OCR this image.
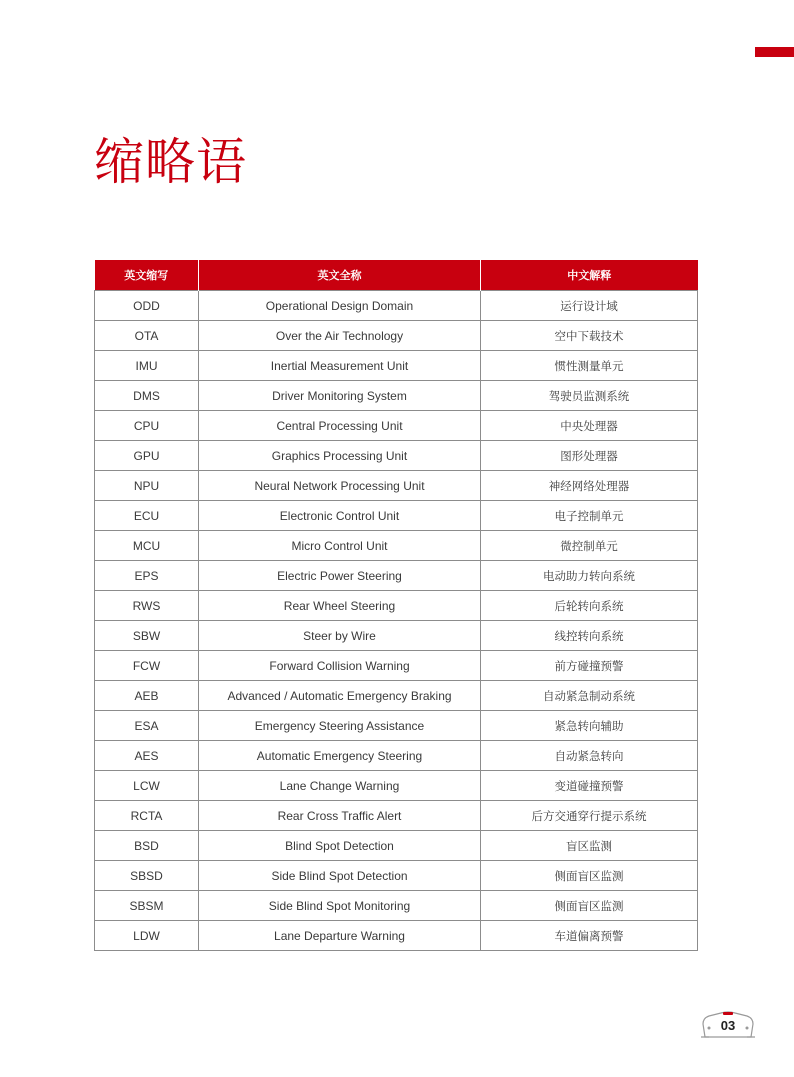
缩略语
英文缩写	英文全称	中文解释
ODD	Operational Design Domain	运行设计域
OTA	Over the Air Technology	空中下载技术
IMU	Inertial Measurement Unit	惯性测量单元
DMS	Driver Monitoring System	驾驶员监测系统
CPU	Central Processing Unit	中央处理器
GPU	Graphics Processing Unit	图形处理器
NPU	Neural Network Processing Unit	神经网络处理器
ECU	Electronic Control Unit	电子控制单元
MCU	Micro Control Unit	微控制单元
EPS	Electric Power Steering	电动助力转向系统
RWS	Rear Wheel Steering	后轮转向系统
SBW	Steer by Wire	线控转向系统
FCW	Forward Collision Warning	前方碰撞预警
AEB	Advanced / Automatic Emergency Braking	自动紧急制动系统
ESA	Emergency Steering Assistance	紧急转向辅助
AES	Automatic Emergency Steering	自动紧急转向
LCW	Lane Change Warning	变道碰撞预警
RCTA	Rear Cross Traffic Alert	后方交通穿行提示系统
BSD	Blind Spot Detection	盲区监测
SBSD	Side Blind Spot Detection	侧面盲区监测
SBSM	Side Blind Spot Monitoring	侧面盲区监测
LDW	Lane Departure Warning	车道偏离预警
03
